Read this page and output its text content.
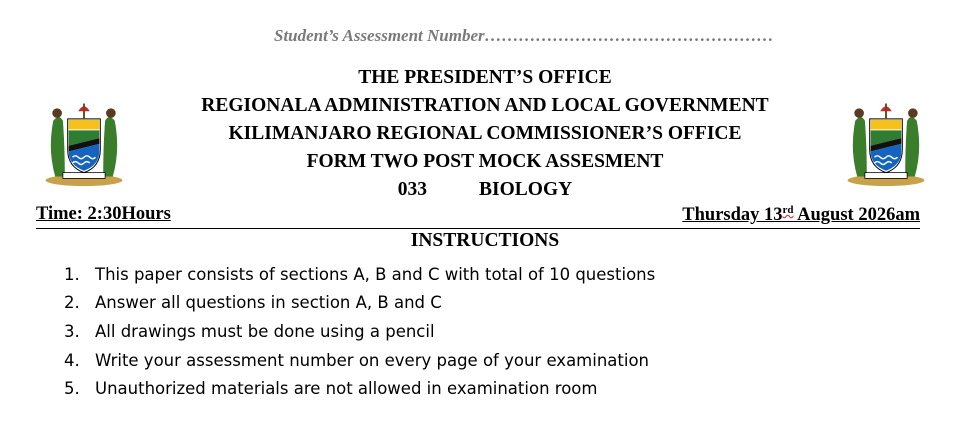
Student’s Assessment Number……………………………………………
THE PRESIDENT’S OFFICE
REGIONALA ADMINISTRATION AND LOCAL GOVERNMENT
KILIMANJARO REGIONAL COMMISSIONER’S OFFICE
FORM TWO POST MOCK ASSESMENT
033	BIOLOGY
Time: 2:30Hours	Thursday 13rd August 2026am
INSTRUCTIONS
1. This paper consists of sections A, B and C with total of 10 questions
2. Answer all questions in section A, B and C
3. All drawings must be done using a pencil
4. Write your assessment number on every page of your examination
5. Unauthorized materials are not allowed in examination room
